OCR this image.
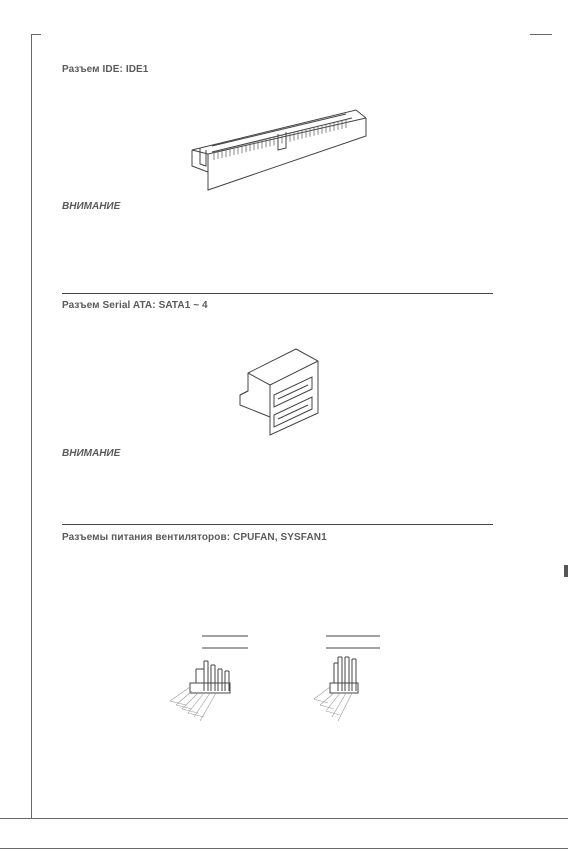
Разъем IDE: IDE1
ВНИМАНИЕ
Разъем Serial ATA: SATA1 ~ 4
ВНИМАНИЕ
Разъемы питания вентиляторов: CPUFAN, SYSFAN1
